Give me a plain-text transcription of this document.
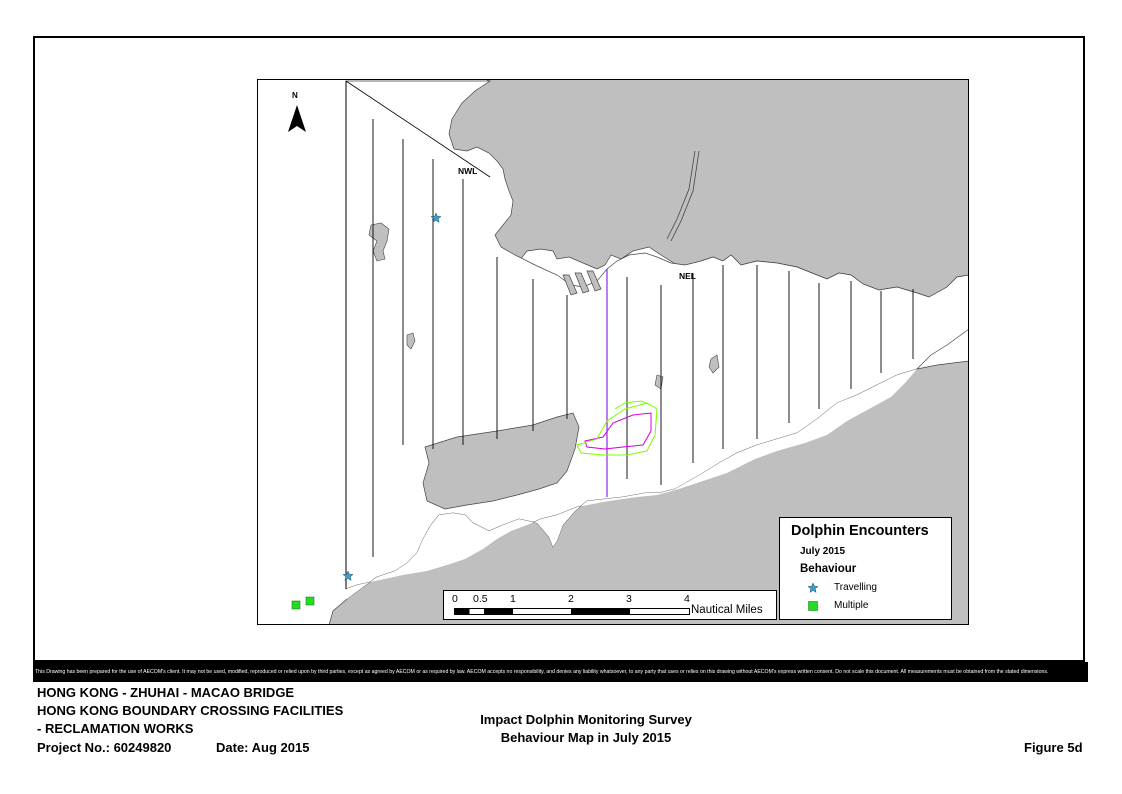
N
NWL
NEL
0 0.5 1	2	3	4
Nautical Miles
Dolphin Encounters
July 2015
Behaviour
Travelling
Multiple
This Drawing has been prepared for the use of AECOM's client. It may not be used, modified, reproduced or relied upon by third parties, except as agreed by AECOM or as required by law. AECOM accepts no responsibility, and denies any liability whatsoever, to any party that uses or relies on this drawing without AECOM's express written consent. Do not scale this document. All measurements must be obtained from the stated dimensions.
HONG KONG - ZHUHAI - MACAO BRIDGE
HONG KONG BOUNDARY CROSSING FACILITIES
- RECLAMATION WORKS
Project No.: 60249820	Date: Aug 2015
Impact Dolphin Monitoring Survey
Behaviour Map in July 2015
Figure 5d
